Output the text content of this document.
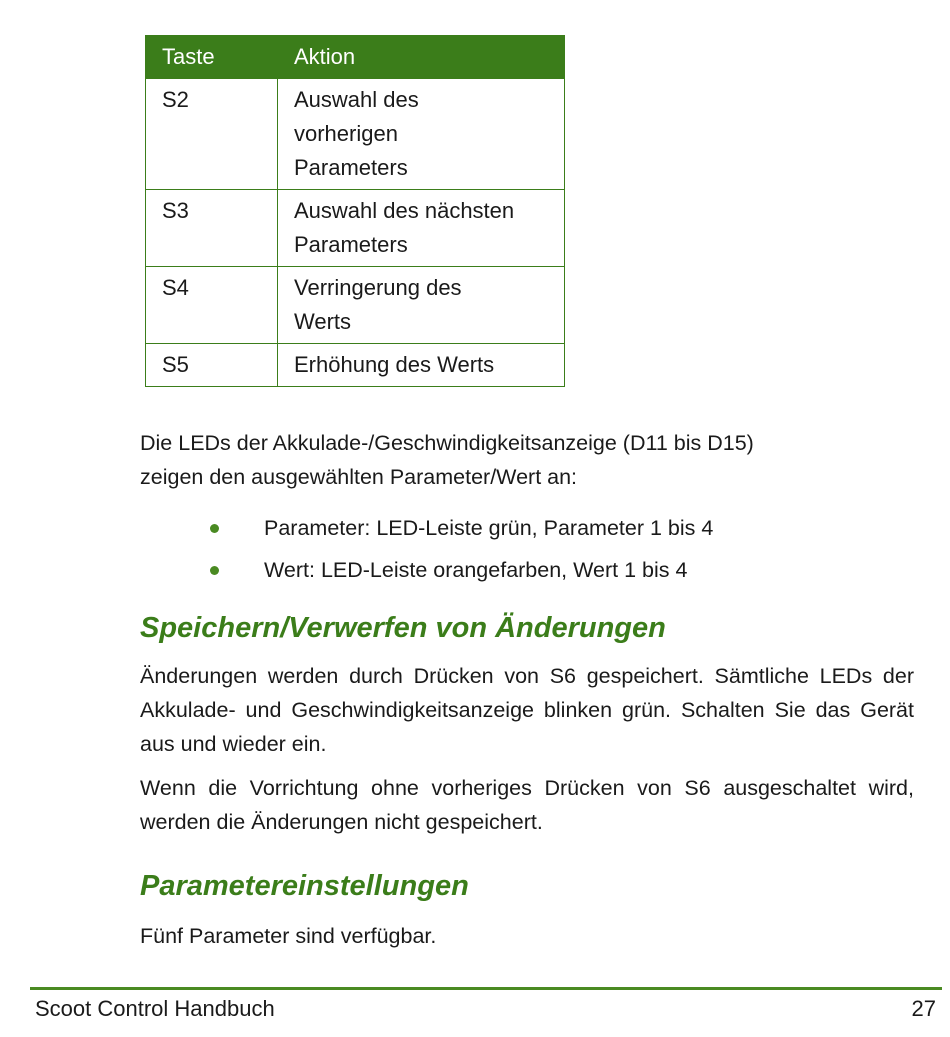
Taste	Aktion
S2	Auswahl des
vorherigen
Parameters

S3	Auswahl des nächsten
Parameters

S4	Verringerung des
Werts

S5	Erhöhung des Werts
Die LEDs der Akkulade-/Geschwindigkeitsanzeige (D11 bis D15)
zeigen den ausgewählten Parameter/Wert an:
Parameter: LED-Leiste grün, Parameter 1 bis 4
Wert: LED-Leiste orangefarben, Wert 1 bis 4
Speichern/Verwerfen von Änderungen

Änderungen werden durch Drücken von S6 gespeichert. Sämtliche LEDs der Akkulade- und Geschwindigkeitsanzeige blinken grün. Schalten Sie das Gerät aus und wieder ein.

Wenn die Vorrichtung ohne vorheriges Drücken von S6 ausgeschaltet wird, werden die Änderungen nicht gespeichert.

Parametereinstellungen

Fünf Parameter sind verfügbar.

Scoot Control Handbuch	27
